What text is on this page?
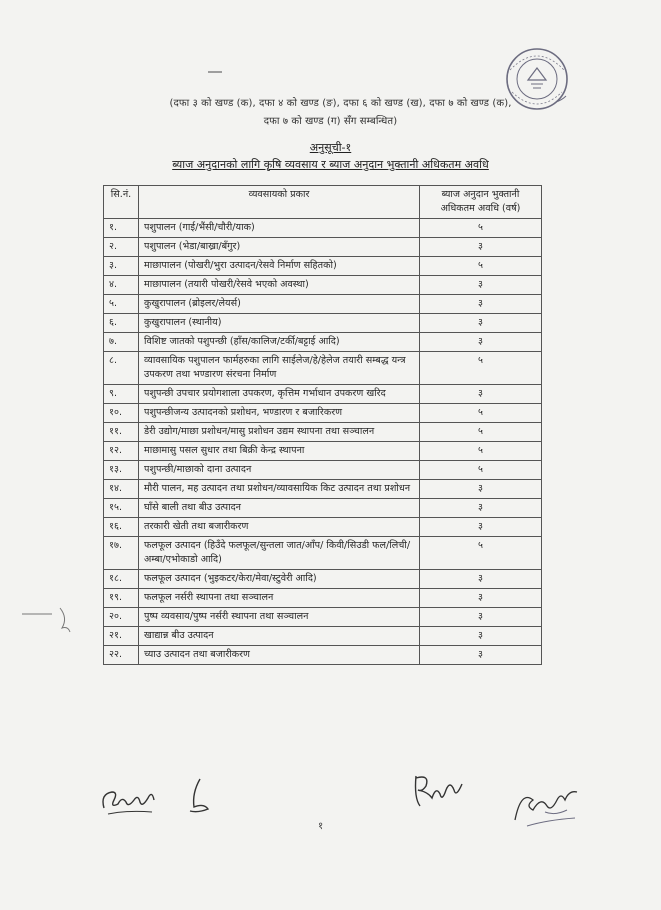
(दफा ३ को खण्ड (क), दफा ४ को खण्ड (ङ), दफा ६ को खण्ड (ख), दफा ७ को खण्ड (क),
दफा ७ को खण्ड (ग) सँग सम्बन्धित)
अनुसूची-१
ब्याज अनुदानको लागि कृषि व्यवसाय र ब्याज अनुदान भुक्तानी अधिकतम अवधि
सि.नं.	व्यवसायको प्रकार	ब्याज अनुदान भुक्तानी अधिकतम अवधि (वर्ष)
१.	पशुपालन (गाई/भैंसी/चौरी/याक)	५
२.	पशुपालन (भेडा/बाख्रा/बँगुर)	३
३.	माछापालन (पोखरी/भुरा उत्पादन/रेसवे निर्माण सहितको)	५
४.	माछापालन (तयारी पोखरी/रेसवे भएको अवस्था)	३
५.	कुखुरापालन (ब्रोइलर/लेयर्स)	३
६.	कुखुरापालन (स्थानीय)	३
७.	विशिष्ट जातको पशुपन्छी (हाँस/कालिज/टर्की/बट्टाई आदि)	३
८.	व्यावसायिक पशुपालन फार्महरुका लागि साईलेज/हे/हेलेज तयारी सम्बद्ध यन्त्र उपकरण तथा भण्डारण संरचना निर्माण	५
९.	पशुपन्छी उपचार प्रयोगशाला उपकरण, कृत्तिम गर्भाधान उपकरण खरिद	३
१०.	पशुपन्छीजन्य उत्पादनको प्रशोधन, भण्डारण र बजारिकरण	५
११.	डेरी उद्योग/माछा प्रशोधन/मासु प्रशोधन उद्यम स्थापना तथा सञ्चालन	५
१२.	माछामासु पसल सुधार तथा बिक्री केन्द्र स्थापना	५
१३.	पशुपन्छी/माछाको दाना उत्पादन	५
१४.	मौरी पालन, मह उत्पादन तथा प्रशोधन/व्यावसायिक किट उत्पादन तथा प्रशोधन	३
१५.	घाँसे बाली तथा बीउ उत्पादन	३
१६.	तरकारी खेती तथा बजारीकरण	३
१७.	फलफूल उत्पादन (हिउँदे फलफूल/सुन्तला जात/आँप/ किवी/सिउडी फल/लिची/अम्बा/एभोकाडो आदि)	५
१८.	फलफूल उत्पादन (भुइकटर/केरा/मेवा/स्टुवेरी आदि)	३
१९.	फलफूल नर्सरी स्थापना तथा सञ्चालन	३
२०.	पुष्प व्यवसाय/पुष्प नर्सरी स्थापना तथा सञ्चालन	३
२१.	खाद्यान्न बीउ उत्पादन	३
२२.	च्याउ उत्पादन तथा बजारीकरण	३
१
